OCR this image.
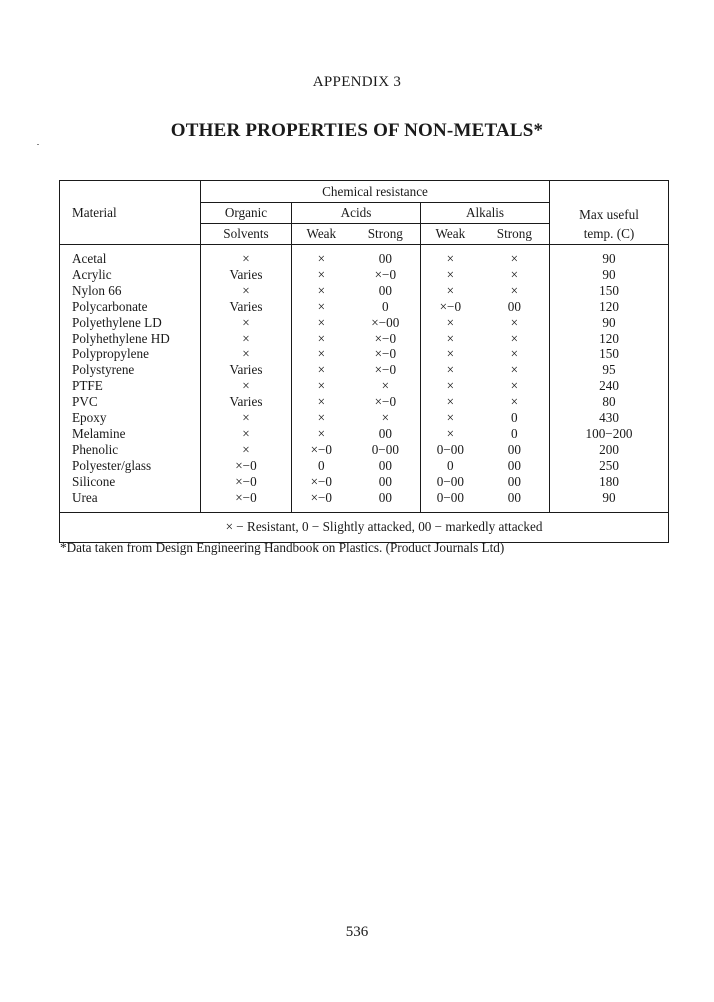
APPENDIX 3
OTHER PROPERTIES OF NON-METALS*
Material	Chemical resistance					Max useful
	Organic	Acids		Alkalis		
	Solvents	Weak	Strong	Weak	Strong	temp. (C)
Acetal	×	×	00	×	×	90
Acrylic	Varies	×	×−0	×	×	90
Nylon 66	×	×	00	×	×	150
Polycarbonate	Varies	×	0	×−0	00	120
Polyethylene LD	×	×	×−00	×	×	90
Polyhethylene HD	×	×	×−0	×	×	120
Polypropylene	×	×	×−0	×	×	150
Polystyrene	Varies	×	×−0	×	×	95
PTFE	×	×	×	×	×	240
PVC	Varies	×	×−0	×	×	80
Epoxy	×	×	×	×	0	430
Melamine	×	×	00	×	0	100−200
Phenolic	×	×−0	0−00	0−00	00	200
Polyester/glass	×−0	0	00	0	00	250
Silicone	×−0	×−0	00	0−00	00	180
Urea	×−0	×−0	00	0−00	00	90
× − Resistant, 0 − Slightly attacked, 00 − markedly attacked						
*Data taken from Design Engineering Handbook on Plastics. (Product Journals Ltd)
536
